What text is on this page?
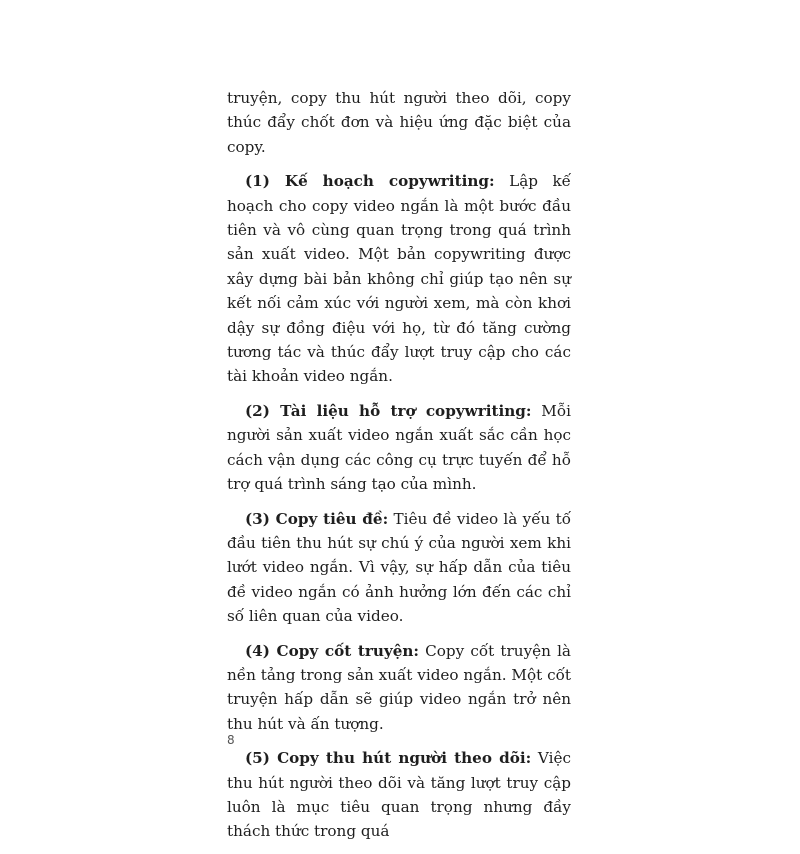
truyện, copy thu hút người theo dõi, copy thúc đẩy chốt đơn và hiệu ứng đặc biệt của copy.

(1) Kế hoạch copywriting: Lập kế hoạch cho copy video ngắn là một bước đầu tiên và vô cùng quan trọng trong quá trình sản xuất video. Một bản copywriting được xây dựng bài bản không chỉ giúp tạo nên sự kết nối cảm xúc với người xem, mà còn khơi dậy sự đồng điệu với họ, từ đó tăng cường tương tác và thúc đẩy lượt truy cập cho các tài khoản video ngắn.

(2) Tài liệu hỗ trợ copywriting: Mỗi người sản xuất video ngắn xuất sắc cần học cách vận dụng các công cụ trực tuyến để hỗ trợ quá trình sáng tạo của mình.

(3) Copy tiêu đề: Tiêu đề video là yếu tố đầu tiên thu hút sự chú ý của người xem khi lướt video ngắn. Vì vậy, sự hấp dẫn của tiêu đề video ngắn có ảnh hưởng lớn đến các chỉ số liên quan của video.

(4) Copy cốt truyện: Copy cốt truyện là nền tảng trong sản xuất video ngắn. Một cốt truyện hấp dẫn sẽ giúp video ngắn trở nên thu hút và ấn tượng.

(5) Copy thu hút người theo dõi: Việc thu hút người theo dõi và tăng lượt truy cập luôn là mục tiêu quan trọng nhưng đầy thách thức trong quá

8
